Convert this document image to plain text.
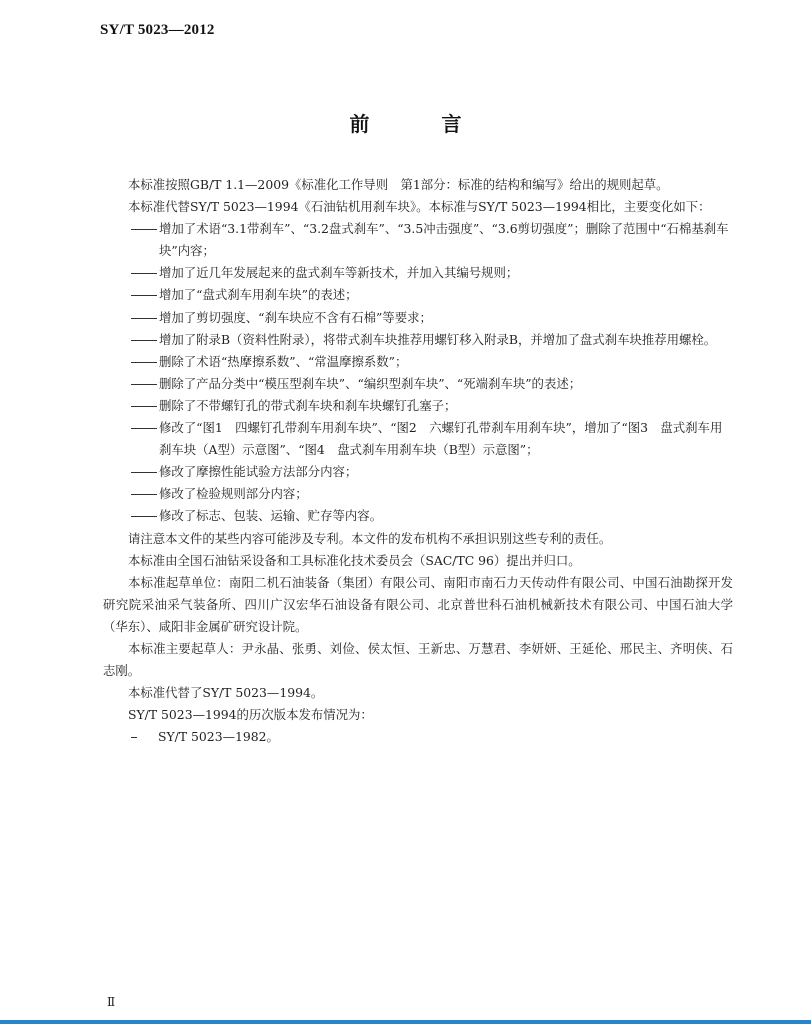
SY/T 5023—2012
前　言

本标准按照GB/T 1.1—2009《标准化工作导则　第1部分：标准的结构和编写》给出的规则起草。

本标准代替SY/T 5023—1994《石油钻机用刹车块》。本标准与SY/T 5023—1994相比，主要变化如下：

增加了术语“3.1带刹车”、“3.2盘式刹车”、“3.5冲击强度”、“3.6剪切强度”；删除了范围中“石棉基刹车块”内容；
增加了近几年发展起来的盘式刹车等新技术，并加入其编号规则；
增加了“盘式刹车用刹车块”的表述；
增加了剪切强度、“刹车块应不含有石棉”等要求；
增加了附录B（资料性附录），将带式刹车块推荐用螺钉移入附录B，并增加了盘式刹车块推荐用螺栓。
删除了术语“热摩擦系数”、“常温摩擦系数”；
删除了产品分类中“模压型刹车块”、“编织型刹车块”、“死端刹车块”的表述；
删除了不带螺钉孔的带式刹车块和刹车块螺钉孔塞子；
修改了“图1　四螺钉孔带刹车用刹车块”、“图2　六螺钉孔带刹车用刹车块”，增加了“图3　盘式刹车用刹车块（A型）示意图”、“图4　盘式刹车用刹车块（B型）示意图”；
修改了摩擦性能试验方法部分内容；
修改了检验规则部分内容；
修改了标志、包装、运输、贮存等内容。

请注意本文件的某些内容可能涉及专利。本文件的发布机构不承担识别这些专利的责任。

本标准由全国石油钻采设备和工具标准化技术委员会（SAC/TC 96）提出并归口。

本标准起草单位：南阳二机石油装备（集团）有限公司、南阳市南石力天传动件有限公司、中国石油勘探开发研究院采油采气装备所、四川广汉宏华石油设备有限公司、北京普世科石油机械新技术有限公司、中国石油大学（华东）、咸阳非金属矿研究设计院。

本标准主要起草人：尹永晶、张勇、刘俭、侯太恒、王新忠、万慧君、李妍妍、王延伦、邢民主、齐明侠、石志刚。

本标准代替了SY/T 5023—1994。

SY/T 5023—1994的历次版本发布情况为：

SY/T 5023—1982。
Ⅱ
